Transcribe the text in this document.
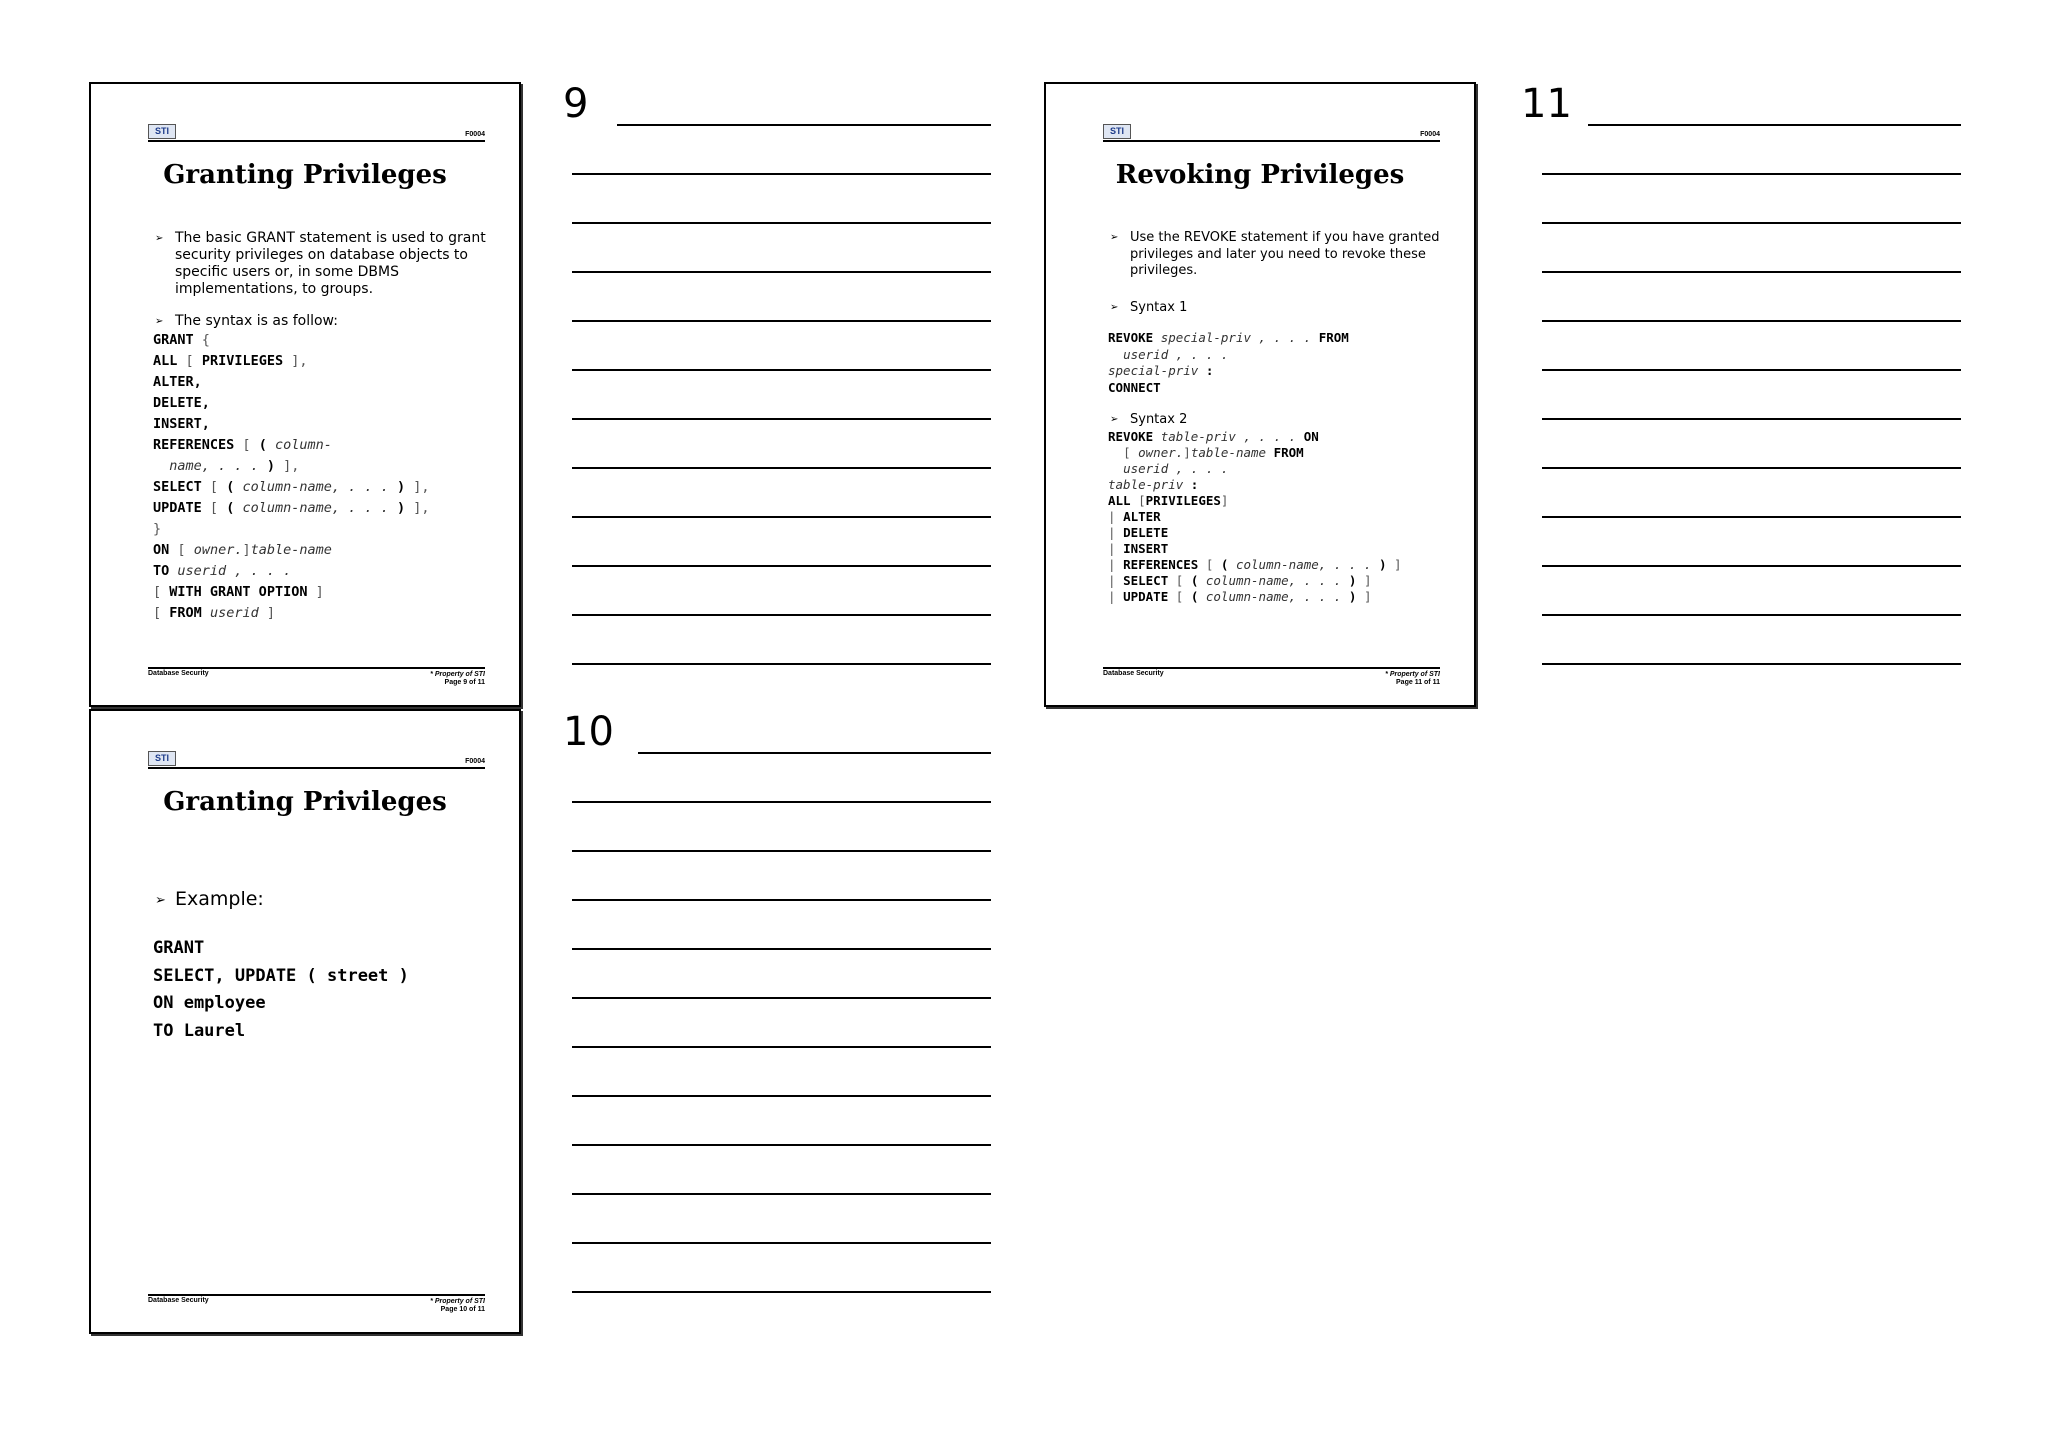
STI	F0004
Granting Privileges
➢ The basic GRANT statement is used to grant security privileges on database objects to specific users or, in some DBMS implementations, to groups.
➢ The syntax is as follow:
GRANT {
ALL [ PRIVILEGES ],
ALTER,
DELETE,
INSERT,
REFERENCES [ ( column-
name, . . . ) ],
SELECT [ ( column-name, . . . ) ],
UPDATE [ ( column-name, . . . ) ],
}
ON [ owner.]table-name
TO userid , . . .
[ WITH GRANT OPTION ]
[ FROM userid ]
Database Security	* Property of STI
Page 9 of 11
STI	F0004
Granting Privileges
➢ Example:
GRANT
SELECT, UPDATE ( street )
ON employee
TO Laurel
Database Security	* Property of STI
Page 10 of 11
STI	F0004
Revoking Privileges
➢ Use the REVOKE statement if you have granted privileges and later you need to revoke these privileges.
➢ Syntax 1
REVOKE special-priv , . . . FROM
userid , . . .
special-priv :
CONNECT
➢ Syntax 2
REVOKE table-priv , . . . ON
[ owner.]table-name FROM
userid , . . .
table-priv :
ALL [PRIVILEGES]
| ALTER
| DELETE
| INSERT
| REFERENCES [ ( column-name, . . . ) ]
| SELECT [ ( column-name, . . . ) ]
| UPDATE [ ( column-name, . . . ) ]
Database Security	* Property of STI
Page 11 of 11
9
10
11
